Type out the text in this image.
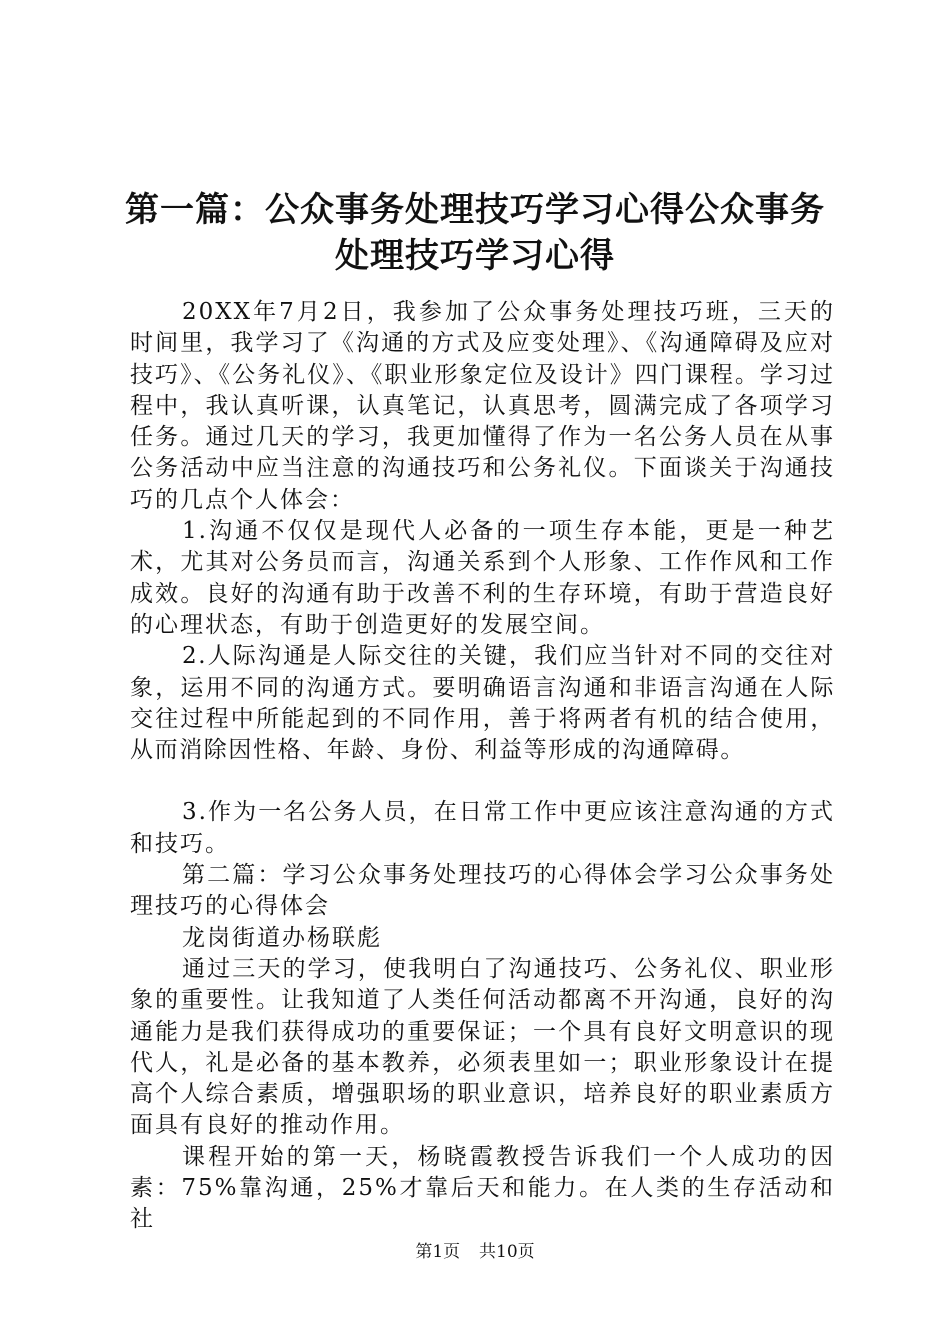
第一篇：公众事务处理技巧学习心得公众事务
处理技巧学习心得

20XX年7月2日，我参加了公众事务处理技巧班，三天的时间里，我学习了《沟通的方式及应变处理》、《沟通障碍及应对技巧》、《公务礼仪》、《职业形象定位及设计》四门课程。学习过程中，我认真听课，认真笔记，认真思考，圆满完成了各项学习任务。通过几天的学习，我更加懂得了作为一名公务人员在从事公务活动中应当注意的沟通技巧和公务礼仪。下面谈关于沟通技巧的几点个人体会：

1.沟通不仅仅是现代人必备的一项生存本能，更是一种艺术，尤其对公务员而言，沟通关系到个人形象、工作作风和工作成效。良好的沟通有助于改善不利的生存环境，有助于营造良好的心理状态，有助于创造更好的发展空间。

2.人际沟通是人际交往的关键，我们应当针对不同的交往对象，运用不同的沟通方式。要明确语言沟通和非语言沟通在人际交往过程中所能起到的不同作用，善于将两者有机的结合使用，从而消除因性格、年龄、身份、利益等形成的沟通障碍。

3.作为一名公务人员，在日常工作中更应该注意沟通的方式和技巧。

第二篇：学习公众事务处理技巧的心得体会学习公众事务处理技巧的心得体会

龙岗街道办杨联彪

通过三天的学习，使我明白了沟通技巧、公务礼仪、职业形象的重要性。让我知道了人类任何活动都离不开沟通，良好的沟通能力是我们获得成功的重要保证；一个具有良好文明意识的现代人，礼是必备的基本教养，必须表里如一；职业形象设计在提高个人综合素质，增强职场的职业意识，培养良好的职业素质方面具有良好的推动作用。

课程开始的第一天，杨晓霞教授告诉我们一个人成功的因素：75%靠沟通，25%才靠后天和能力。在人类的生存活动和社

第1页 共10页
